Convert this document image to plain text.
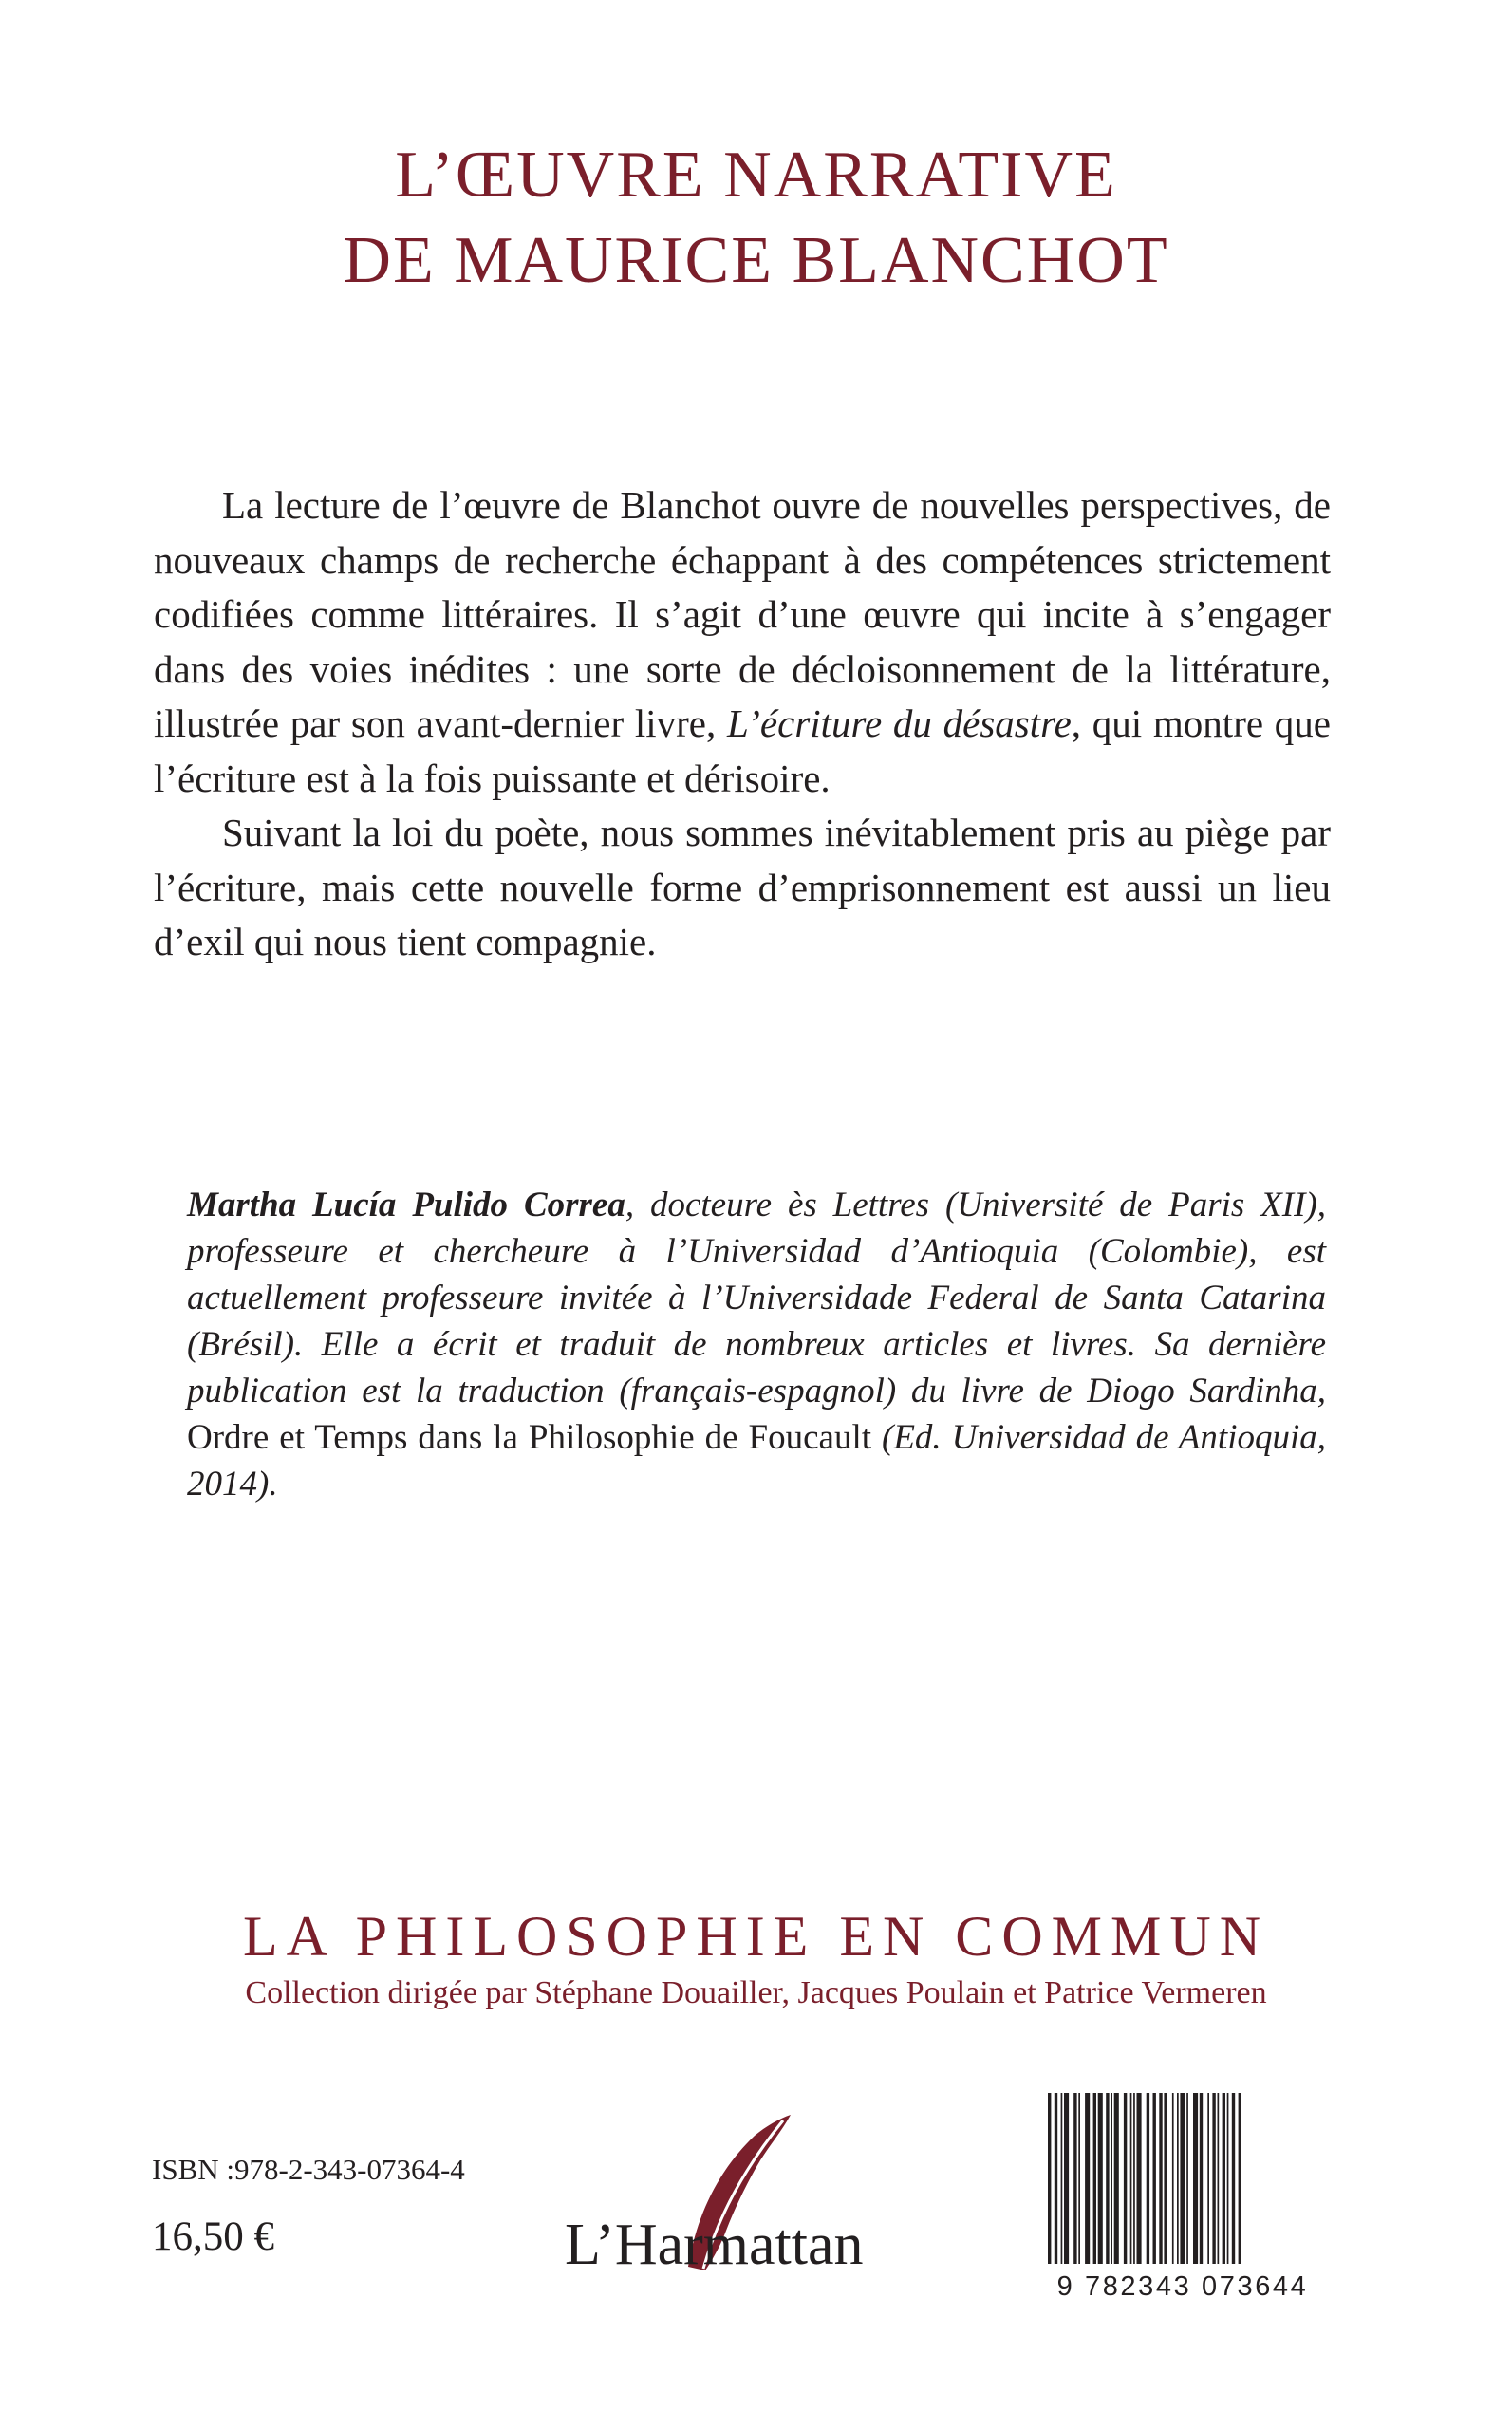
L’ŒUVRE NARRATIVE
DE MAURICE BLANCHOT

La lecture de l’œuvre de Blanchot ouvre de nouvelles perspectives, de nouveaux champs de recherche échappant à des compétences strictement codifiées comme littéraires. Il s’agit d’une œuvre qui incite à s’engager dans des voies inédites : une sorte de décloisonnement de la littérature, illustrée par son avant-dernier livre, L’écriture du désastre, qui montre que l’écriture est à la fois puissante et dérisoire.

Suivant la loi du poète, nous sommes inévitablement pris au piège par l’écriture, mais cette nouvelle forme d’emprisonnement est aussi un lieu d’exil qui nous tient compagnie.

Martha Lucía Pulido Correa, docteure ès Lettres (Université de Paris XII), professeure et chercheure à l’Universidad d’Antioquia (Colombie), est actuellement professeure invitée à l’Universidade Federal de Santa Catarina (Brésil). Elle a écrit et traduit de nombreux articles et livres. Sa dernière publication est la traduction (français-espagnol) du livre de Diogo Sardinha, Ordre et Temps dans la Philosophie de Foucault (Ed. Universidad de Antioquia, 2014).
LA PHILOSOPHIE EN COMMUN
Collection dirigée par Stéphane Douailler, Jacques Poulain et Patrice Vermeren
ISBN :978-2-343-07364-4
16,50 €	L’Harmattan
9 782343 073644
